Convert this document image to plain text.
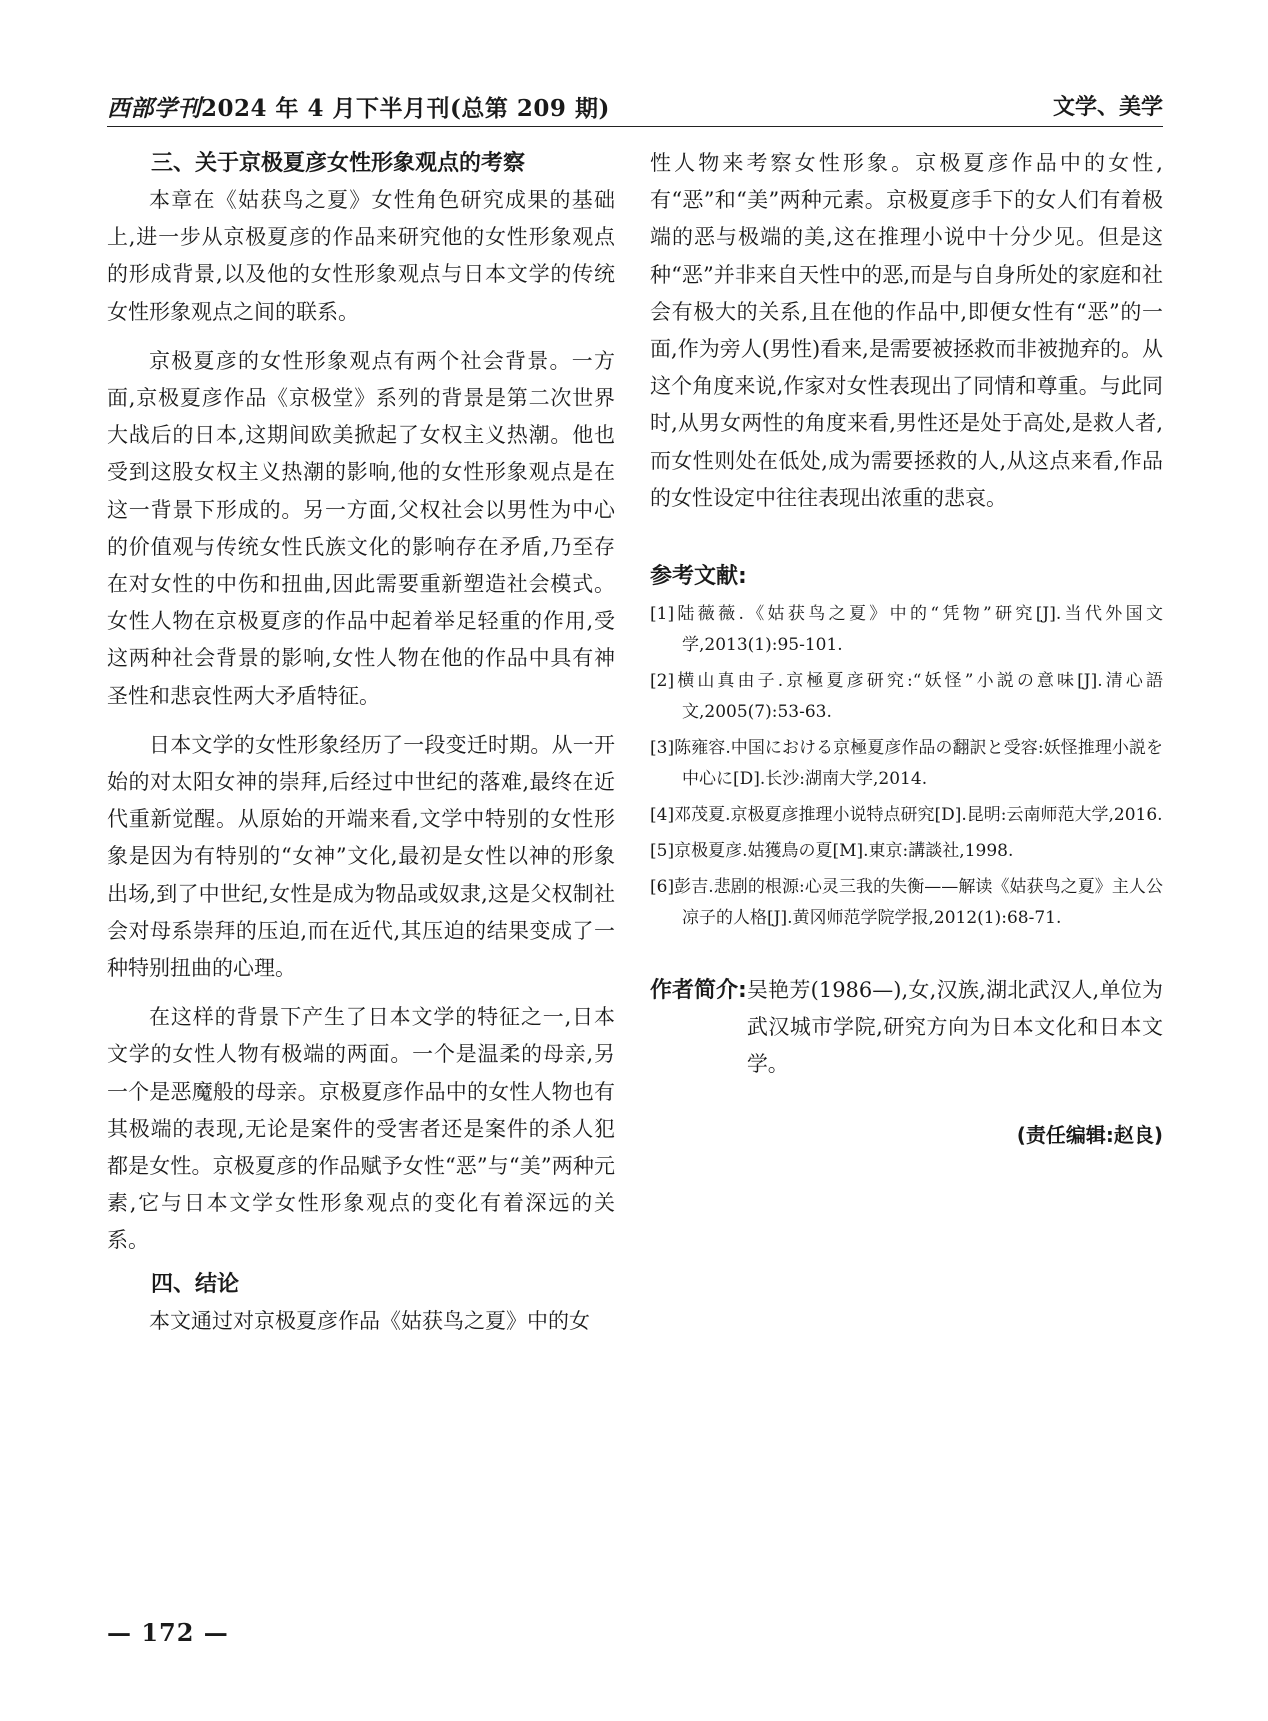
西部学刊2024 年 4 月下半月刊(总第 209 期)	文学、美学

三、关于京极夏彦女性形象观点的考察

本章在《姑获鸟之夏》女性角色研究成果的基础上,进一步从京极夏彦的作品来研究他的女性形象观点的形成背景,以及他的女性形象观点与日本文学的传统女性形象观点之间的联系。

京极夏彦的女性形象观点有两个社会背景。一方面,京极夏彦作品《京极堂》系列的背景是第二次世界大战后的日本,这期间欧美掀起了女权主义热潮。他也受到这股女权主义热潮的影响,他的女性形象观点是在这一背景下形成的。另一方面,父权社会以男性为中心的价值观与传统女性氏族文化的影响存在矛盾,乃至存在对女性的中伤和扭曲,因此需要重新塑造社会模式。女性人物在京极夏彦的作品中起着举足轻重的作用,受这两种社会背景的影响,女性人物在他的作品中具有神圣性和悲哀性两大矛盾特征。

日本文学的女性形象经历了一段变迁时期。从一开始的对太阳女神的崇拜,后经过中世纪的落难,最终在近代重新觉醒。从原始的开端来看,文学中特别的女性形象是因为有特别的“女神”文化,最初是女性以神的形象出场,到了中世纪,女性是成为物品或奴隶,这是父权制社会对母系崇拜的压迫,而在近代,其压迫的结果变成了一种特别扭曲的心理。

在这样的背景下产生了日本文学的特征之一,日本文学的女性人物有极端的两面。一个是温柔的母亲,另一个是恶魔般的母亲。京极夏彦作品中的女性人物也有其极端的表现,无论是案件的受害者还是案件的杀人犯都是女性。京极夏彦的作品赋予女性“恶”与“美”两种元素,它与日本文学女性形象观点的变化有着深远的关系。

四、结论

本文通过对京极夏彦作品《姑获鸟之夏》中的女

性人物来考察女性形象。京极夏彦作品中的女性,有“恶”和“美”两种元素。京极夏彦手下的女人们有着极端的恶与极端的美,这在推理小说中十分少见。但是这种“恶”并非来自天性中的恶,而是与自身所处的家庭和社会有极大的关系,且在他的作品中,即便女性有“恶”的一面,作为旁人(男性)看来,是需要被拯救而非被抛弃的。从这个角度来说,作家对女性表现出了同情和尊重。与此同时,从男女两性的角度来看,男性还是处于高处,是救人者,而女性则处在低处,成为需要拯救的人,从这点来看,作品的女性设定中往往表现出浓重的悲哀。

参考文献:

[1]陆薇薇.《姑获鸟之夏》中的“凭物”研究[J].当代外国文学,2013(1):95-101.

[2]横山真由子.京極夏彦研究:“妖怪”小説の意味[J].清心語文,2005(7):53-63.

[3]陈雍容.中国における京極夏彦作品の翻訳と受容:妖怪推理小説を中心に[D].长沙:湖南大学,2014.

[4]邓茂夏.京极夏彦推理小说特点研究[D].昆明:云南师范大学,2016.

[5]京极夏彦.姑獲鳥の夏[M].東京:講談社,1998.

[6]彭吉.悲剧的根源:心灵三我的失衡——解读《姑获鸟之夏》主人公凉子的人格[J].黄冈师范学院学报,2012(1):68-71.

作者简介: 吴艳芳(1986—),女,汉族,湖北武汉人,单位为武汉城市学院,研究方向为日本文化和日本文学。
(责任编辑:赵良)
— 172 —
